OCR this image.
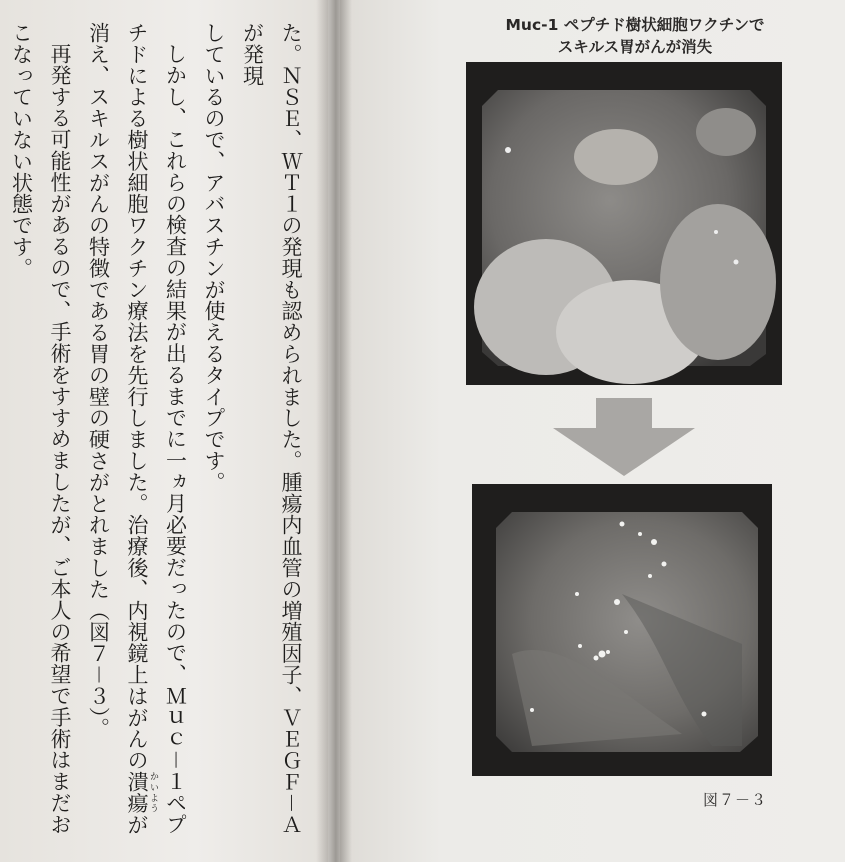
た。ＮＳＥ、ＷＴ１の発現も認められました。腫瘍内血管の増殖因子、ＶＥＧＦ－Ａが発現

しているので、アバスチンが使えるタイプです。

しかし、これらの検査の結果が出るまでに一ヵ月必要だったので、Ｍｕｃ－１ペプチドによる樹状細胞ワクチン療法を先行しました。治療後、内視鏡上はがんの潰瘍 かいようが消え、スキルスがんの特徴である胃の壁の硬さがとれました（図７－３）。

再発する可能性があるので、手術をすすめましたが、ご本人の希望で手術はまだおこなっていない状態です。	Muc-1 ペプチド樹状細胞ワクチンで
スキルス胃がんが消失
図７－３
